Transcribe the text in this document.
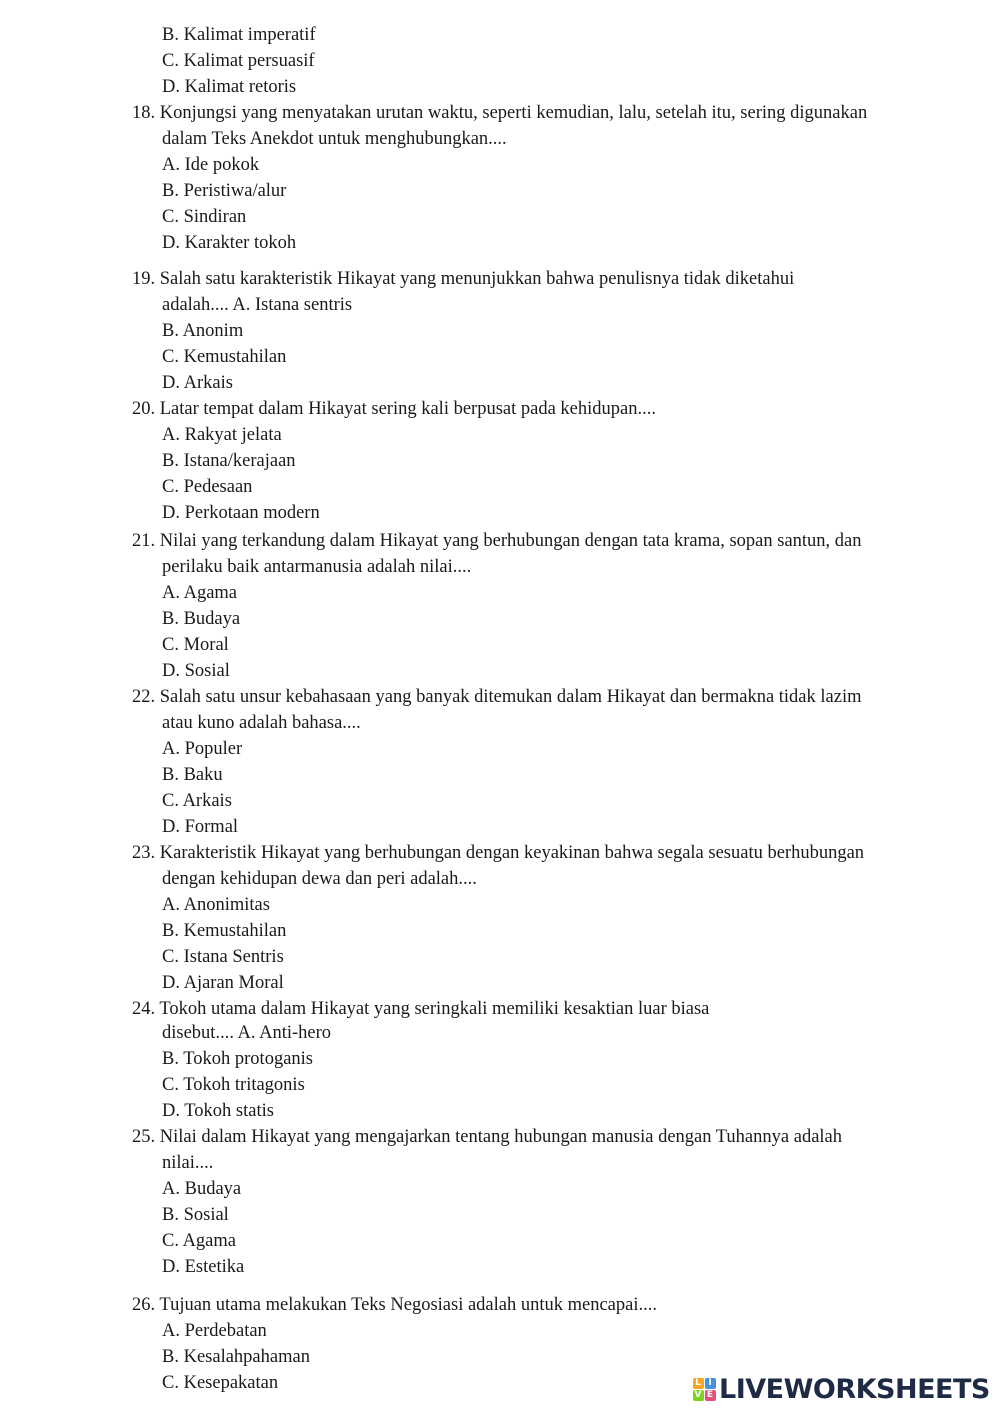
B. Kalimat imperatif
C. Kalimat persuasif
D. Kalimat retoris
18. Konjungsi yang menyatakan urutan waktu, seperti kemudian, lalu, setelah itu, sering digunakan
dalam Teks Anekdot untuk menghubungkan....
A. Ide pokok
B. Peristiwa/alur
C. Sindiran
D. Karakter tokoh
19. Salah satu karakteristik Hikayat yang menunjukkan bahwa penulisnya tidak diketahui
adalah.... A. Istana sentris
B. Anonim
C. Kemustahilan
D. Arkais
20. Latar tempat dalam Hikayat sering kali berpusat pada kehidupan....
A. Rakyat jelata
B. Istana/kerajaan
C. Pedesaan
D. Perkotaan modern
21. Nilai yang terkandung dalam Hikayat yang berhubungan dengan tata krama, sopan santun, dan
perilaku baik antarmanusia adalah nilai....
A. Agama
B. Budaya
C. Moral
D. Sosial
22. Salah satu unsur kebahasaan yang banyak ditemukan dalam Hikayat dan bermakna tidak lazim
atau kuno adalah bahasa....
A. Populer
B. Baku
C. Arkais
D. Formal
23. Karakteristik Hikayat yang berhubungan dengan keyakinan bahwa segala sesuatu berhubungan
dengan kehidupan dewa dan peri adalah....
A. Anonimitas
B. Kemustahilan
C. Istana Sentris
D. Ajaran Moral
24. Tokoh utama dalam Hikayat yang seringkali memiliki kesaktian luar biasa
disebut.... A. Anti-hero
B. Tokoh protoganis
C. Tokoh tritagonis
D. Tokoh statis
25. Nilai dalam Hikayat yang mengajarkan tentang hubungan manusia dengan Tuhannya adalah
nilai....
A. Budaya
B. Sosial
C. Agama
D. Estetika
26. Tujuan utama melakukan Teks Negosiasi adalah untuk mencapai....
A. Perdebatan
B. Kesalahpahaman
C. Kesepakatan	L I
V E LIVEWORKSHEETS
